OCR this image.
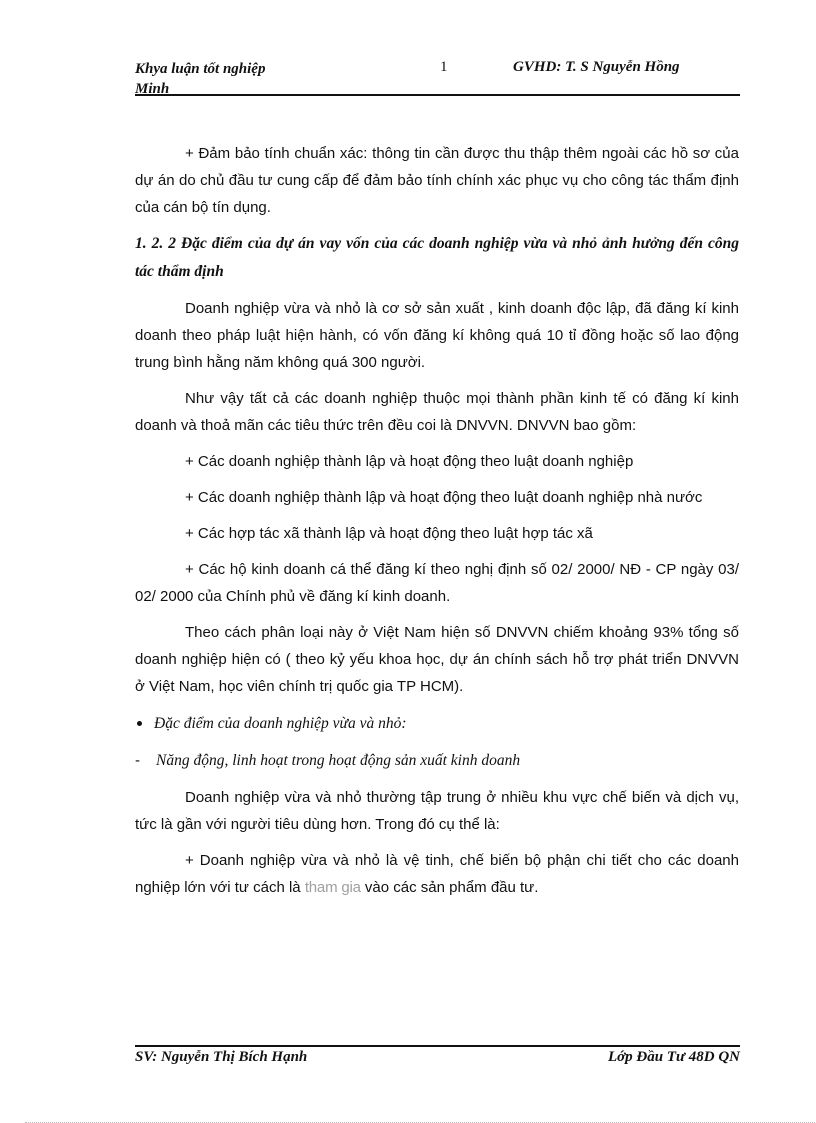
Khya luận tốt nghiệp Minh
1	GVHD: T. S Nguyễn Hồng

+ Đảm bảo tính chuẩn xác: thông tin cần được thu thập thêm ngoài các hồ sơ của dự án do chủ đầu tư cung cấp để đảm bảo tính chính xác phục vụ cho công tác thẩm định của cán bộ tín dụng.

1. 2. 2 Đặc điểm của dự án vay vốn của các doanh nghiệp vừa và nhỏ ảnh hưởng đến công tác thẩm định

Doanh nghiệp vừa và nhỏ là cơ sở sản xuất , kinh doanh độc lập, đã đăng kí kinh doanh theo pháp luật hiện hành, có vốn đăng kí không quá 10 tỉ đồng hoặc số lao động trung bình hằng năm không quá 300 người.

Như vậy tất cả các doanh nghiệp thuộc mọi thành phần kinh tế có đăng kí kinh doanh và thoả mãn các tiêu thức trên đều coi là DNVVN. DNVVN bao gồm:

+ Các doanh nghiệp thành lập và hoạt động theo luật doanh nghiệp

+ Các doanh nghiệp thành lập và hoạt động theo luật doanh nghiệp nhà nước

+ Các hợp tác xã thành lập và hoạt động theo luật hợp tác xã

+ Các hộ kinh doanh cá thể đăng kí theo nghị định số 02/ 2000/ NĐ - CP ngày 03/ 02/ 2000 của Chính phủ về đăng kí kinh doanh.

Theo cách phân loại này ở Việt Nam hiện số DNVVN chiếm khoảng 93% tổng số doanh nghiệp hiện có ( theo kỷ yếu khoa học, dự án chính sách hỗ trợ phát triển DNVVN ở Việt Nam, học viên chính trị quốc gia TP HCM).

Đặc điểm của doanh nghiệp vừa và nhỏ:
- Năng động, linh hoạt trong hoạt động sản xuất kinh doanh

Doanh nghiệp vừa và nhỏ thường tập trung ở nhiều khu vực chế biến và dịch vụ, tức là gần với người tiêu dùng hơn. Trong đó cụ thể là:

+ Doanh nghiệp vừa và nhỏ là vệ tinh, chế biến bộ phận chi tiết cho các doanh nghiệp lớn với tư cách là tham gia vào các sản phẩm đầu tư.

SV: Nguyễn Thị Bích Hạnh	Lớp Đầu Tư 48D QN
